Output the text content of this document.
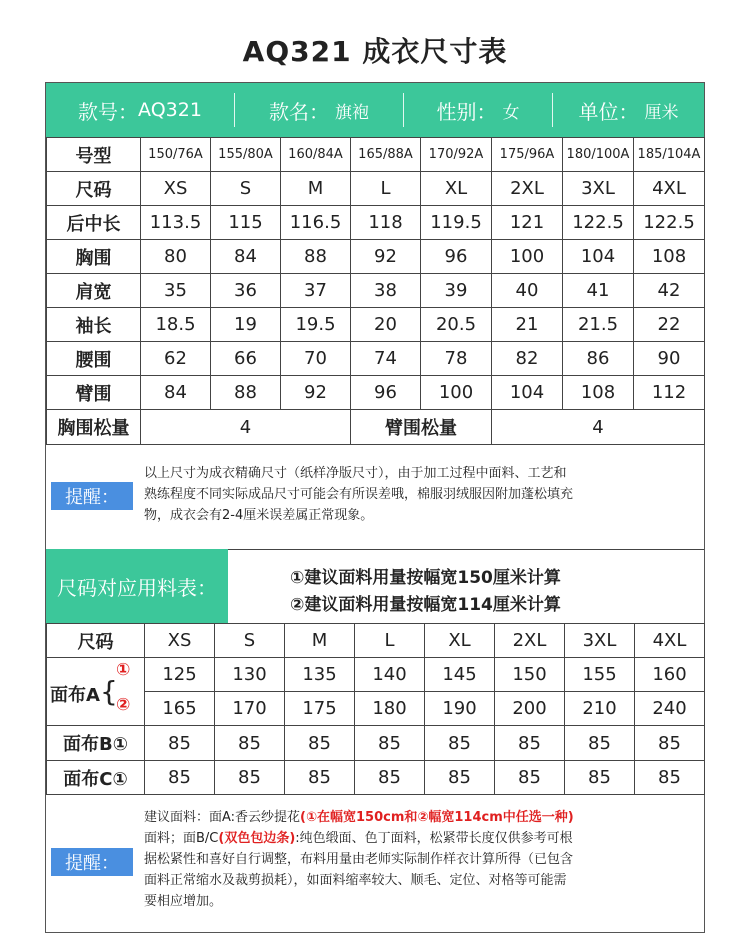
AQ321 成衣尺寸表
款号： AQ321	款名： 旗袍	性别： 女	单位： 厘米
号型	150/76A	155/80A	160/84A	165/88A	170/92A	175/96A	180/100A	185/104A
尺码	XS	S	M	L	XL	2XL	3XL	4XL
后中长	113.5	115	116.5	118	119.5	121	122.5	122.5
胸围	80	84	88	92	96	100	104	108
肩宽	35	36	37	38	39	40	41	42
袖长	18.5	19	19.5	20	20.5	21	21.5	22
腰围	62	66	70	74	78	82	86	90
臂围	84	88	92	96	100	104	108	112
胸围松量	4			臂围松量		4		
提醒：
以上尺寸为成衣精确尺寸（纸样净版尺寸），由于加工过程中面料、工艺和
熟练程度不同实际成品尺寸可能会有所误差哦，棉服羽绒服因附加蓬松填充
物，成衣会有2-4厘米误差属正常现象。
尺码对应用料表：	①建议面料用量按幅宽150厘米计算
②建议面料用量按幅宽114厘米计算
尺码	XS	S	M	L	XL	2XL	3XL	4XL
面布A{	125	130	135	140	145	150	155	160
	165	170	175	180	190	200	210	240
面布B①	85	85	85	85	85	85	85	85
面布C①	85	85	85	85	85	85	85	85
①
②
提醒：
建议面料：面A:香云纱提花(①在幅宽150cm和②幅宽114cm中任选一种)
面料；面B/C(双色包边条):纯色缎面、色丁面料，松紧带长度仅供参考可根
据松紧性和喜好自行调整，布料用量由老师实际制作样衣计算所得（已包含
面料正常缩水及裁剪损耗），如面料缩率较大、顺毛、定位、对格等可能需
要相应增加。
